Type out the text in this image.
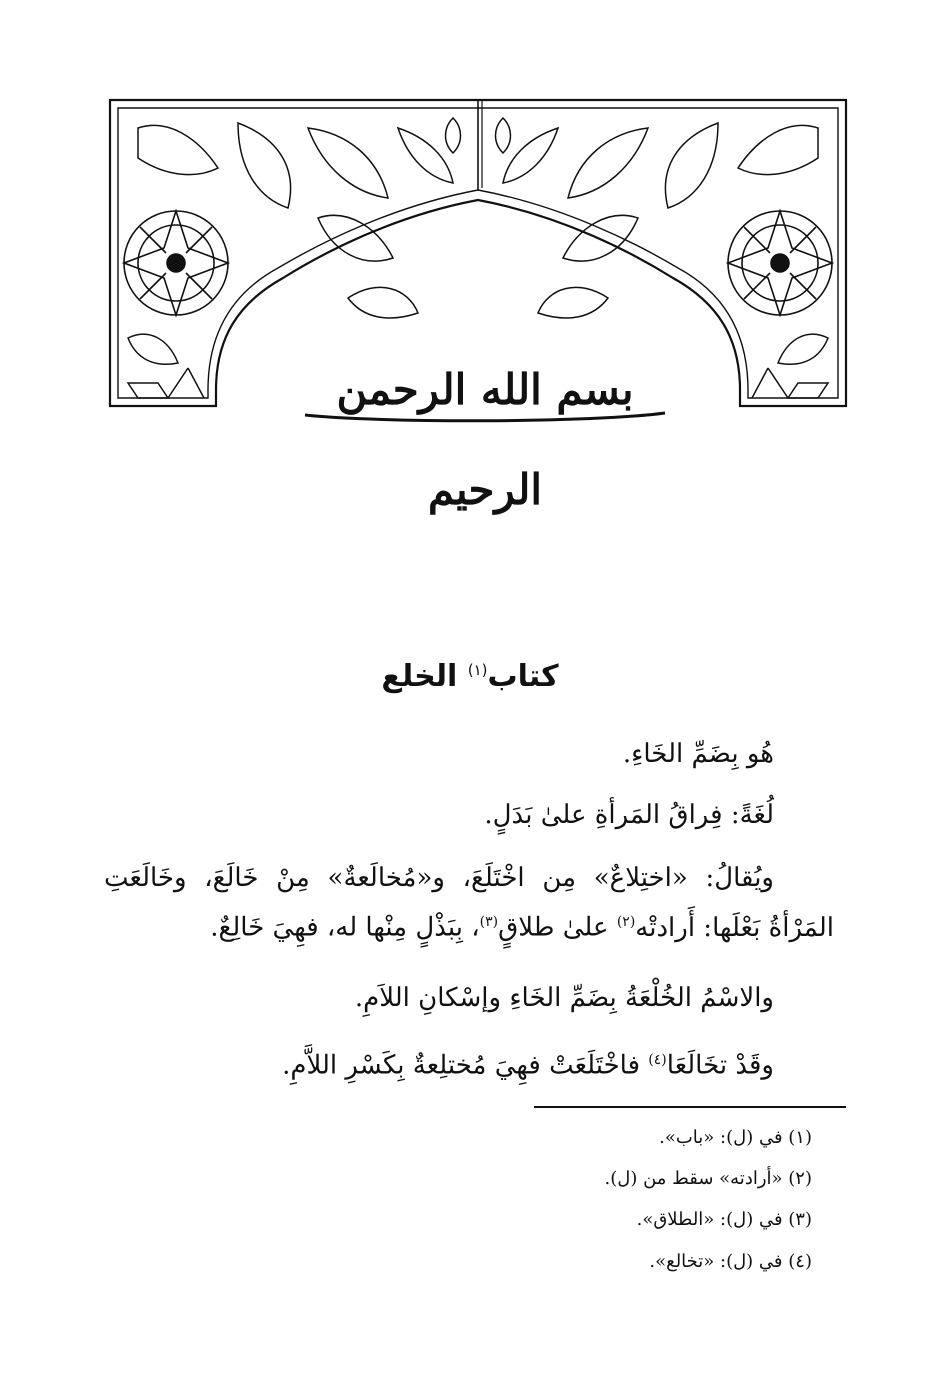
بسم الله الرحمن الرحيم
كتاب$^{(١)}$ الخلع
هُو بِضَمِّ الخَاءِ.
لُغَةً: فِراقُ المَرأةِ علىٰ بَدَلٍ.
ويُقالُ: «اختِلاعٌ» مِن اخْتَلَعَ، و«مُخالَعةٌ» مِنْ خَالَعَ، وخَالَعَتِ المَرْأةُ بَعْلَها: أَرادتْه$^{(٢)}$ علىٰ طلاقٍ$^{(٣)}$، بِبَذْلٍ مِنْها له، فهِيَ خَالِعٌ.
والاسْمُ الخُلْعَةُ بِضَمِّ الخَاءِ وإسْكانِ اللاَمِ.
وقَدْ تخَالَعَا$^{(٤)}$ فاخْتَلَعَتْ فهِيَ مُختلِعةٌ بِكَسْرِ اللاَّمِ.
(١) في (ل): «باب».
(٢) «أرادته» سقط من (ل).
(٣) في (ل): «الطلاق».
(٤) في (ل): «تخالع».
